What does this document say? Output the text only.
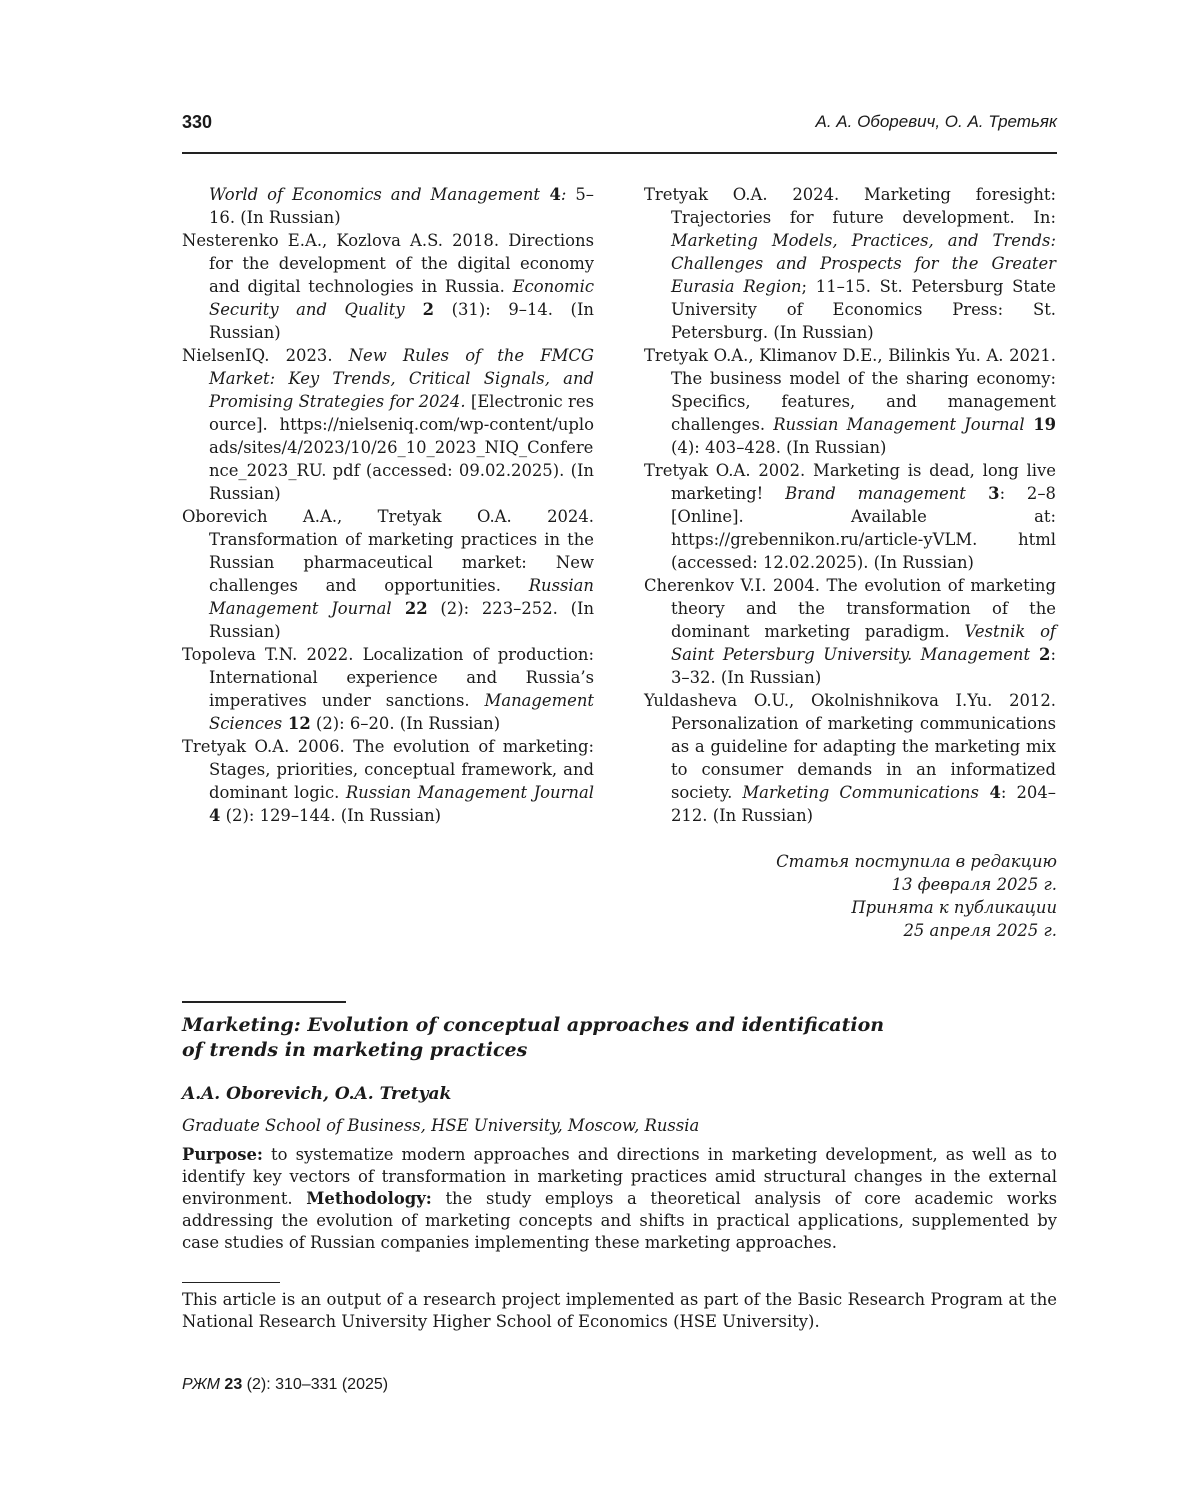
330	А. А. Оборевич, О. А. Третьяк

World of Economics and Management 4: 5–16. (In Russian)

Nesterenko E.A., Kozlova A.S. 2018. Directions for the development of the digital economy and digital technologies in Russia. Economic Security and Quality 2 (31): 9–14. (In Russian)

NielsenIQ. 2023. New Rules of the FMCG Market: Key Trends, Critical Signals, and Promising Strategies for 2024. [Electronic resource]. https://nielseniq.com/wp-content/uploads/sites/4/2023/10/26_10_2023_NIQ_Conference_2023_RU. pdf (accessed: 09.02.2025). (In Russian)

Oborevich A.A., Tretyak O.A. 2024. Transformation of marketing practices in the Russian pharmaceutical market: New challenges and opportunities. Russian Management Journal 22 (2): 223–252. (In Russian)

Topoleva T.N. 2022. Localization of production: International experience and Russia’s imperatives under sanctions. Management Sciences 12 (2): 6–20. (In Russian)

Tretyak O.A. 2006. The evolution of marketing: Stages, priorities, conceptual framework, and dominant logic. Russian Management Journal 4 (2): 129–144. (In Russian)

Tretyak O.A. 2024. Marketing foresight: Trajectories for future development. In: Marketing Models, Practices, and Trends: Challenges and Prospects for the Greater Eurasia Region; 11–15. St. Petersburg State University of Economics Press: St. Petersburg. (In Russian)

Tretyak O.A., Klimanov D.E., Bilinkis Yu. A. 2021. The business model of the sharing economy: Specifics, features, and management challenges. Russian Management Journal 19 (4): 403–428. (In Russian)

Tretyak O.A. 2002. Marketing is dead, long live marketing! Brand management 3: 2–8 [Online]. Available at: https://grebennikon.ru/article-yVLM. html (accessed: 12.02.2025). (In Russian)

Cherenkov V.I. 2004. The evolution of marketing theory and the transformation of the dominant marketing paradigm. Vestnik of Saint Petersburg University. Management 2: 3–32. (In Russian)

Yuldasheva O.U., Okolnishnikova I.Yu. 2012. Personalization of marketing communications as a guideline for adapting the marketing mix to consumer demands in an informatized society. Marketing Communications 4: 204–212. (In Russian)

Статья поступила в редакцию
13 февраля 2025 г.
Принята к публикации
25 апреля 2025 г.
Marketing: Evolution of conceptual approaches and identification
of trends in marketing practices
A.A. Oborevich, O.A. Tretyak
Graduate School of Business, HSE University, Moscow, Russia

Purpose: to systematize modern approaches and directions in marketing development, as well as to identify key vectors of transformation in marketing practices amid structural changes in the external environment. Methodology: the study employs a theoretical analysis of core academic works addressing the evolution of marketing concepts and shifts in practical applications, supplemented by case studies of Russian companies implementing these marketing approaches.

This article is an output of a research project implemented as part of the Basic Research Program at the National Research University Higher School of Economics (HSE University).

РЖМ 23 (2): 310–331 (2025)
